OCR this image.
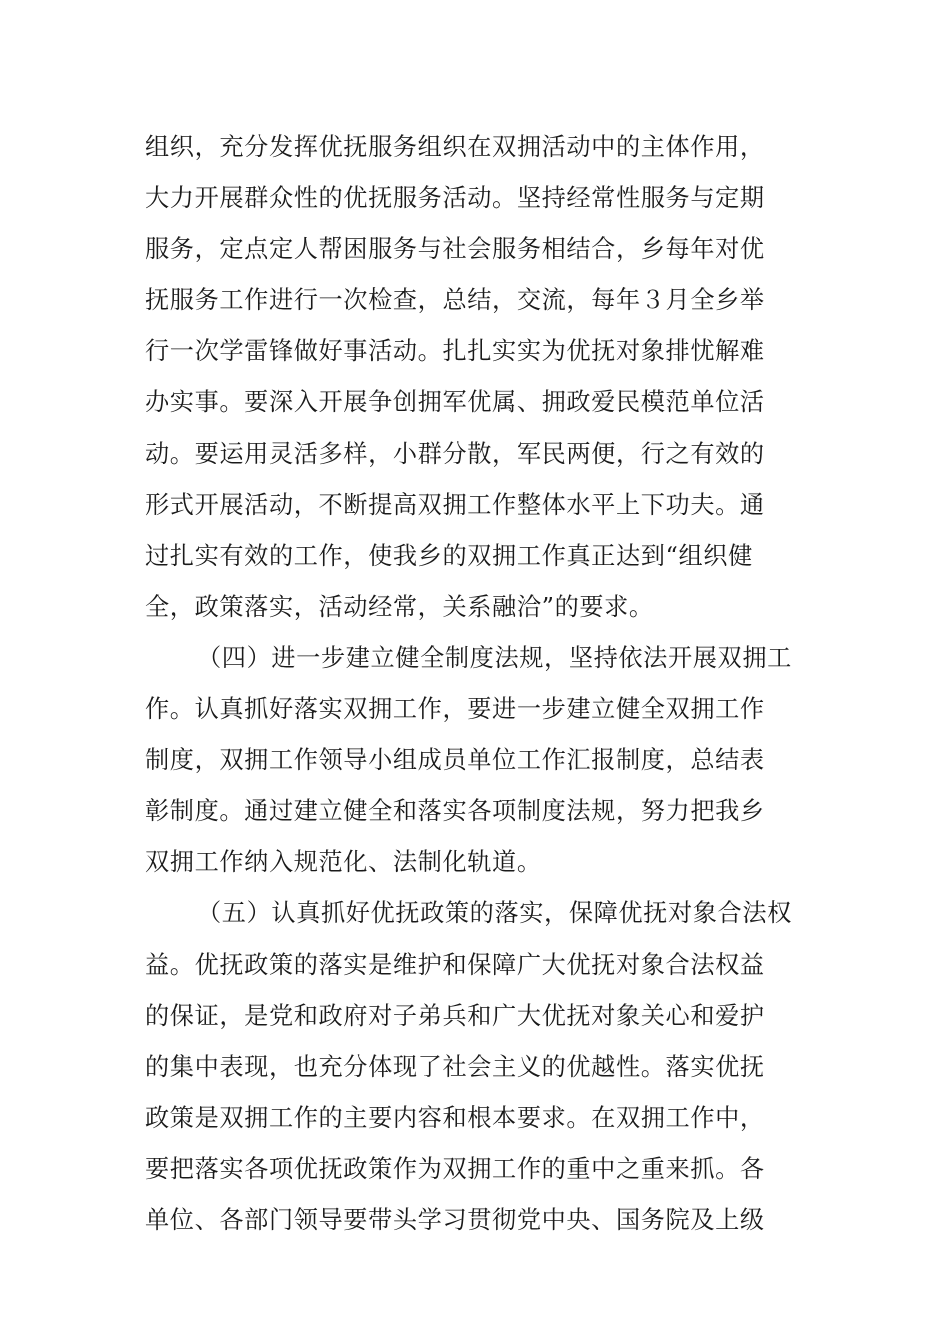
组织，充分发挥优抚服务组织在双拥活动中的主体作用，
大力开展群众性的优抚服务活动。坚持经常性服务与定期
服务，定点定人帮困服务与社会服务相结合，乡每年对优
抚服务工作进行一次检查，总结，交流，每年３月全乡举
行一次学雷锋做好事活动。扎扎实实为优抚对象排忧解难
办实事。要深入开展争创拥军优属、拥政爱民模范单位活
动。要运用灵活多样，小群分散，军民两便，行之有效的
形式开展活动，不断提高双拥工作整体水平上下功夫。通
过扎实有效的工作，使我乡的双拥工作真正达到“组织健
全，政策落实，活动经常，关系融洽”的要求。
（四）进一步建立健全制度法规，坚持依法开展双拥工
作。认真抓好落实双拥工作，要进一步建立健全双拥工作
制度，双拥工作领导小组成员单位工作汇报制度，总结表
彰制度。通过建立健全和落实各项制度法规，努力把我乡
双拥工作纳入规范化、法制化轨道。
（五）认真抓好优抚政策的落实，保障优抚对象合法权
益。优抚政策的落实是维护和保障广大优抚对象合法权益
的保证，是党和政府对子弟兵和广大优抚对象关心和爱护
的集中表现，也充分体现了社会主义的优越性。落实优抚
政策是双拥工作的主要内容和根本要求。在双拥工作中，
要把落实各项优抚政策作为双拥工作的重中之重来抓。各
单位、各部门领导要带头学习贯彻党中央、国务院及上级
